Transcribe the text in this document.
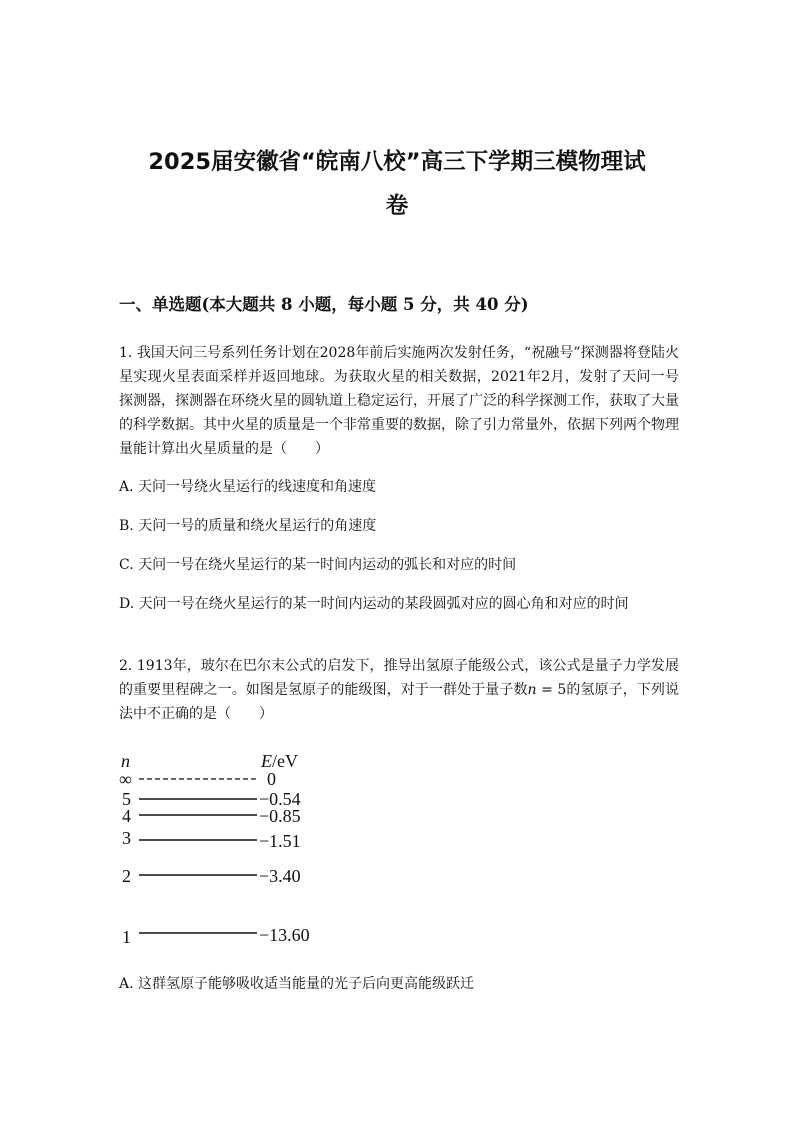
2025届安徽省“皖南八校”高三下学期三模物理试
卷
一、单选题(本大题共 8 小题，每小题 5 分，共 40 分)
1. 我国天问三号系列任务计划在2028年前后实施两次发射任务，“祝融号”探测器将登陆火星实现火星表面采样并返回地球。为获取火星的相关数据，2021年2月，发射了天问一号探测器，探测器在环绕火星的圆轨道上稳定运行，开展了广泛的科学探测工作，获取了大量的科学数据。其中火星的质量是一个非常重要的数据，除了引力常量外，依据下列两个物理量能计算出火星质量的是（　　）
A. 天问一号绕火星运行的线速度和角速度
B. 天问一号的质量和绕火星运行的角速度
C. 天问一号在绕火星运行的某一时间内运动的弧长和对应的时间
D. 天问一号在绕火星运行的某一时间内运动的某段圆弧对应的圆心角和对应的时间
2. 1913年，玻尔在巴尔末公式的启发下，推导出氢原子能级公式，该公式是量子力学发展的重要里程碑之一。如图是氢原子的能级图，对于一群处于量子数n = 5的氢原子，下列说法中不正确的是（　　）
n	E/eV
∞
5
4
3
2
1
0
−0.54
−0.85
−1.51
−3.40
−13.60
A. 这群氢原子能够吸收适当能量的光子后向更高能级跃迁
